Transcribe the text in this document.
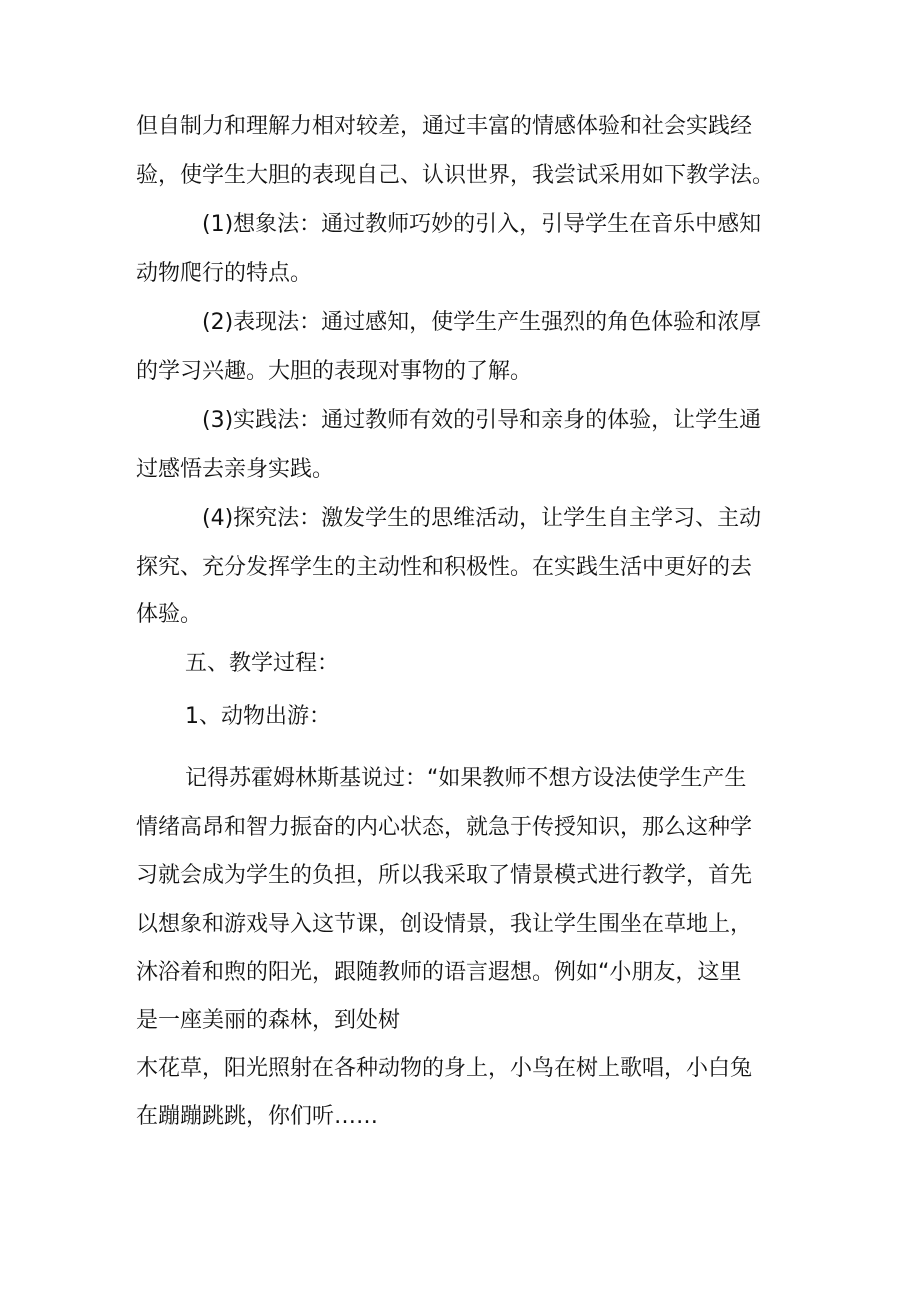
但自制力和理解力相对较差，通过丰富的情感体验和社会实践经
验，使学生大胆的表现自己、认识世界，我尝试采用如下教学法。
(1)想象法：通过教师巧妙的引入，引导学生在音乐中感知
动物爬行的特点。
(2)表现法：通过感知，使学生产生强烈的角色体验和浓厚
的学习兴趣。大胆的表现对事物的了解。
(3)实践法：通过教师有效的引导和亲身的体验，让学生通
过感悟去亲身实践。
(4)探究法：激发学生的思维活动，让学生自主学习、主动
探究、充分发挥学生的主动性和积极性。在实践生活中更好的去
体验。
五、教学过程：
1、动物出游：
记得苏霍姆林斯基说过：“如果教师不想方设法使学生产生
情绪高昂和智力振奋的内心状态，就急于传授知识，那么这种学
习就会成为学生的负担，所以我采取了情景模式进行教学，首先
以想象和游戏导入这节课，创设情景，我让学生围坐在草地上，
沐浴着和煦的阳光，跟随教师的语言遐想。例如“小朋友，这里
是一座美丽的森林，到处树
木花草，阳光照射在各种动物的身上，小鸟在树上歌唱，小白兔
在蹦蹦跳跳，你们听……
